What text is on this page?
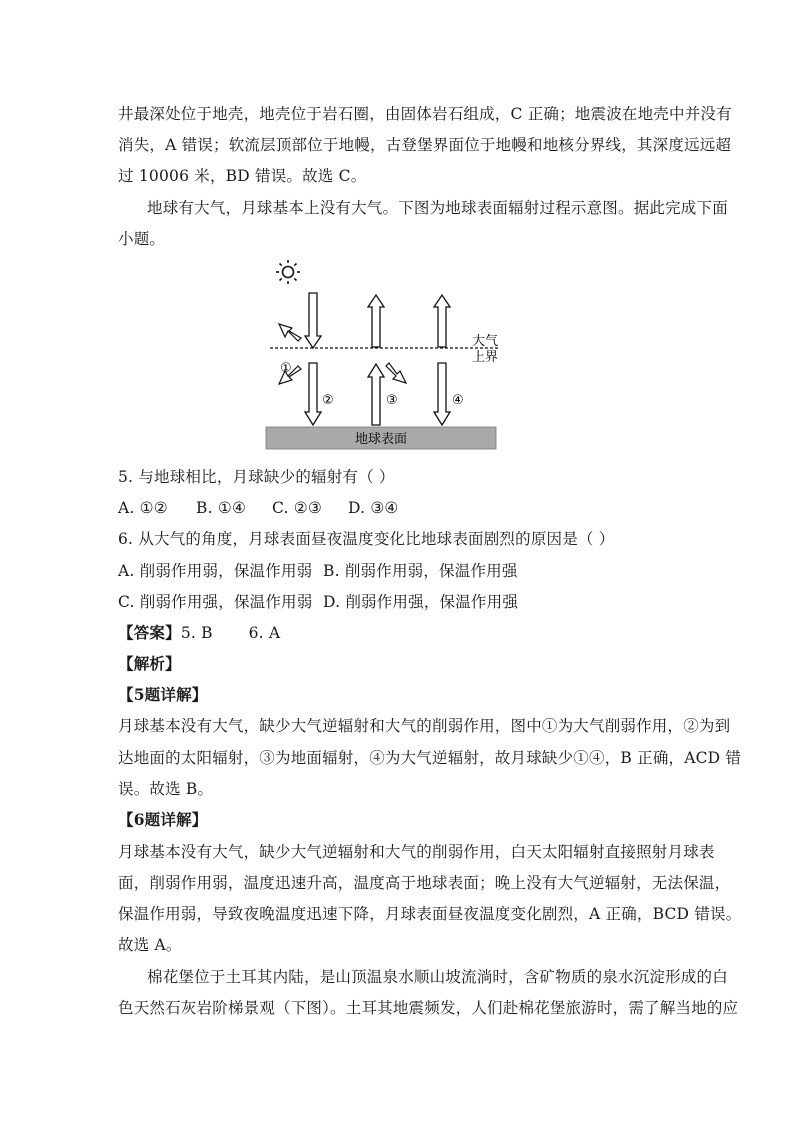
井最深处位于地壳，地壳位于岩石圈，由固体岩石组成，C 正确；地震波在地壳中并没有

消失，A 错误；软流层顶部位于地幔，古登堡界面位于地幔和地核分界线，其深度远远超

过 10006 米，BD 错误。故选 C。

地球有大气，月球基本上没有大气。下图为地球表面辐射过程示意图。据此完成下面

小题。

①
②	③	④
大气
上界
地球表面

5. 与地球相比，月球缺少的辐射有（ ）

A. ①② B. ①④ C. ②③ D. ③④

6. 从大气的角度，月球表面昼夜温度变化比地球表面剧烈的原因是（ ）

A. 削弱作用弱，保温作用弱 B. 削弱作用弱，保温作用强

C. 削弱作用强，保温作用弱 D. 削弱作用强，保温作用强

【答案】5. B       6. A

【解析】

【5题详解】

月球基本没有大气，缺少大气逆辐射和大气的削弱作用，图中①为大气削弱作用，②为到

达地面的太阳辐射，③为地面辐射，④为大气逆辐射，故月球缺少①④，B 正确，ACD 错

误。故选 B。

【6题详解】

月球基本没有大气，缺少大气逆辐射和大气的削弱作用，白天太阳辐射直接照射月球表

面，削弱作用弱，温度迅速升高，温度高于地球表面；晚上没有大气逆辐射，无法保温，

保温作用弱，导致夜晚温度迅速下降，月球表面昼夜温度变化剧烈，A 正确，BCD 错误。

故选 A。

棉花堡位于土耳其内陆，是山顶温泉水顺山坡流淌时，含矿物质的泉水沉淀形成的白

色天然石灰岩阶梯景观（下图）。土耳其地震频发，人们赴棉花堡旅游时，需了解当地的应
